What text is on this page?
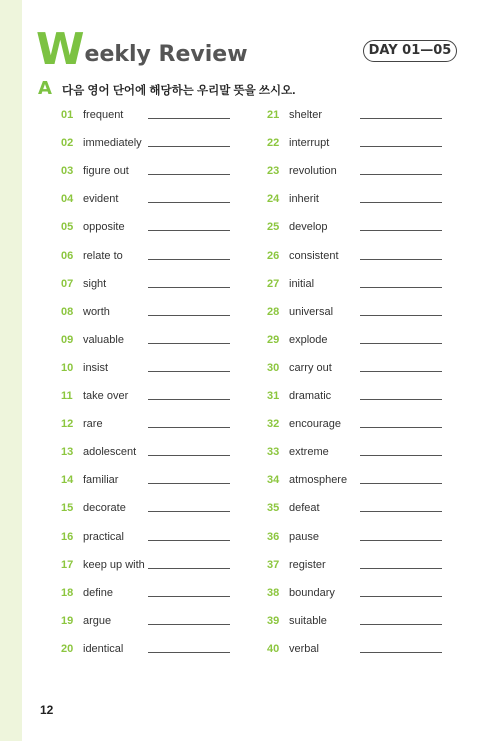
W eekly Review	DAY 01—05
A 다음 영어 단어에 해당하는 우리말 뜻을 쓰시오.
01 frequent
02 immediately
03 figure out
04 evident
05 opposite
06 relate to
07 sight
08 worth
09 valuable
10 insist
11 take over
12 rare
13 adolescent
14 familiar
15 decorate
16 practical
17 keep up with
18 define
19 argue
20 identical
21 shelter
22 interrupt
23 revolution
24 inherit
25 develop
26 consistent
27 initial
28 universal
29 explode
30 carry out
31 dramatic
32 encourage
33 extreme
34 atmosphere
35 defeat
36 pause
37 register
38 boundary
39 suitable
40 verbal
12
